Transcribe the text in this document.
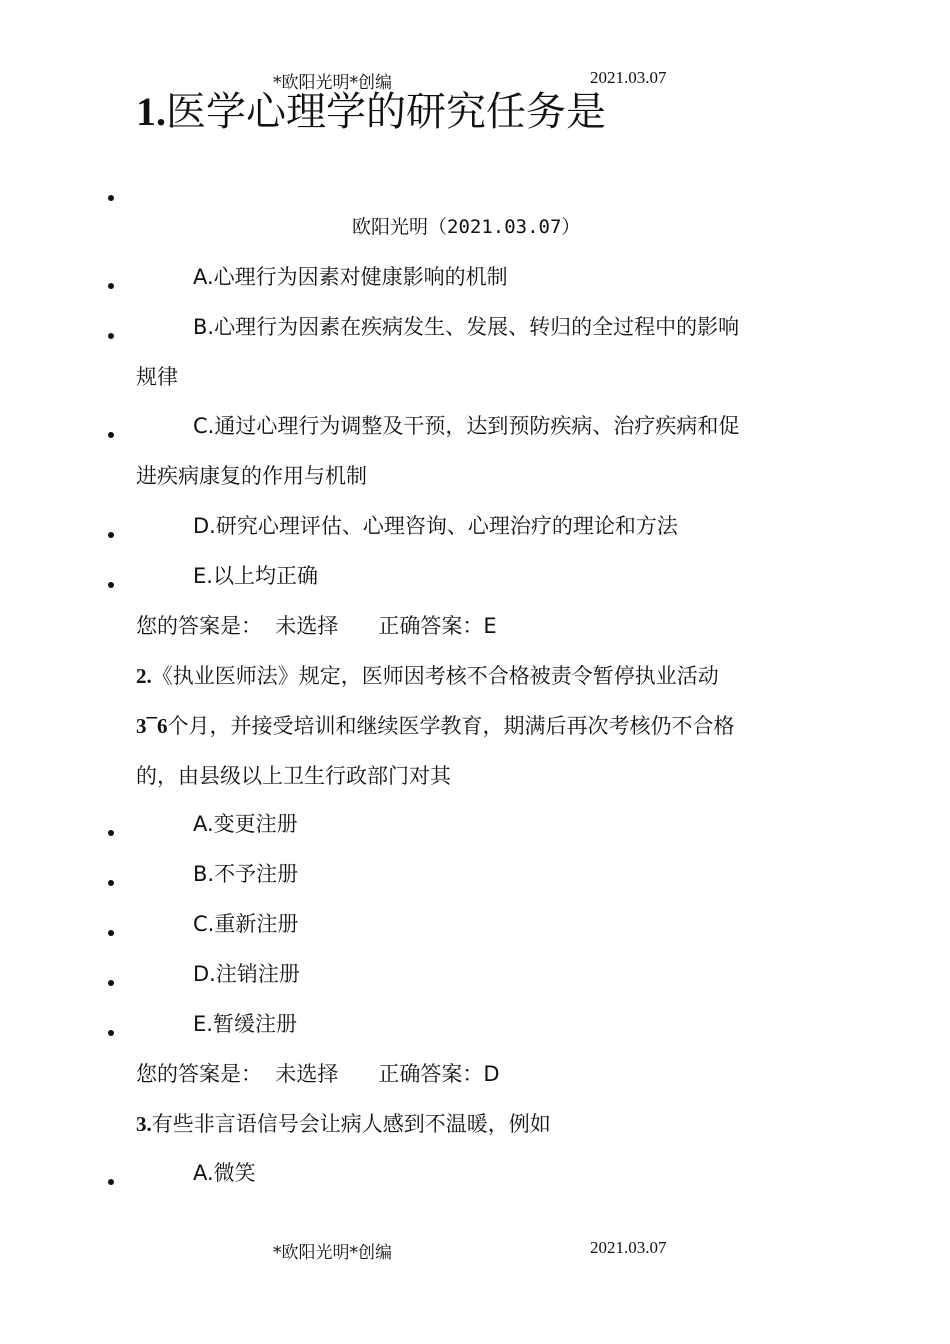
*欧阳光明*创编	2021.03.07
1.医学心理学的研究任务是
欧阳光明（2021.03.07）
A.心理行为因素对健康影响的机制
B.心理行为因素在疾病发生、发展、转归的全过程中的影响
规律
C.通过心理行为调整及干预，达到预防疾病、治疗疾病和促
进疾病康复的作用与机制
D.研究心理评估、心理咨询、心理治疗的理论和方法
E.以上均正确
您的答案是：  未选择      正确答案：E
2.《执业医师法》规定，医师因考核不合格被责令暂停执业活动
3¯6个月，并接受培训和继续医学教育，期满后再次考核仍不合格
的，由县级以上卫生行政部门对其
A.变更注册
B.不予注册
C.重新注册
D.注销注册
E.暂缓注册
您的答案是：  未选择      正确答案：D
3.有些非言语信号会让病人感到不温暖，例如
A.微笑
*欧阳光明*创编	2021.03.07
